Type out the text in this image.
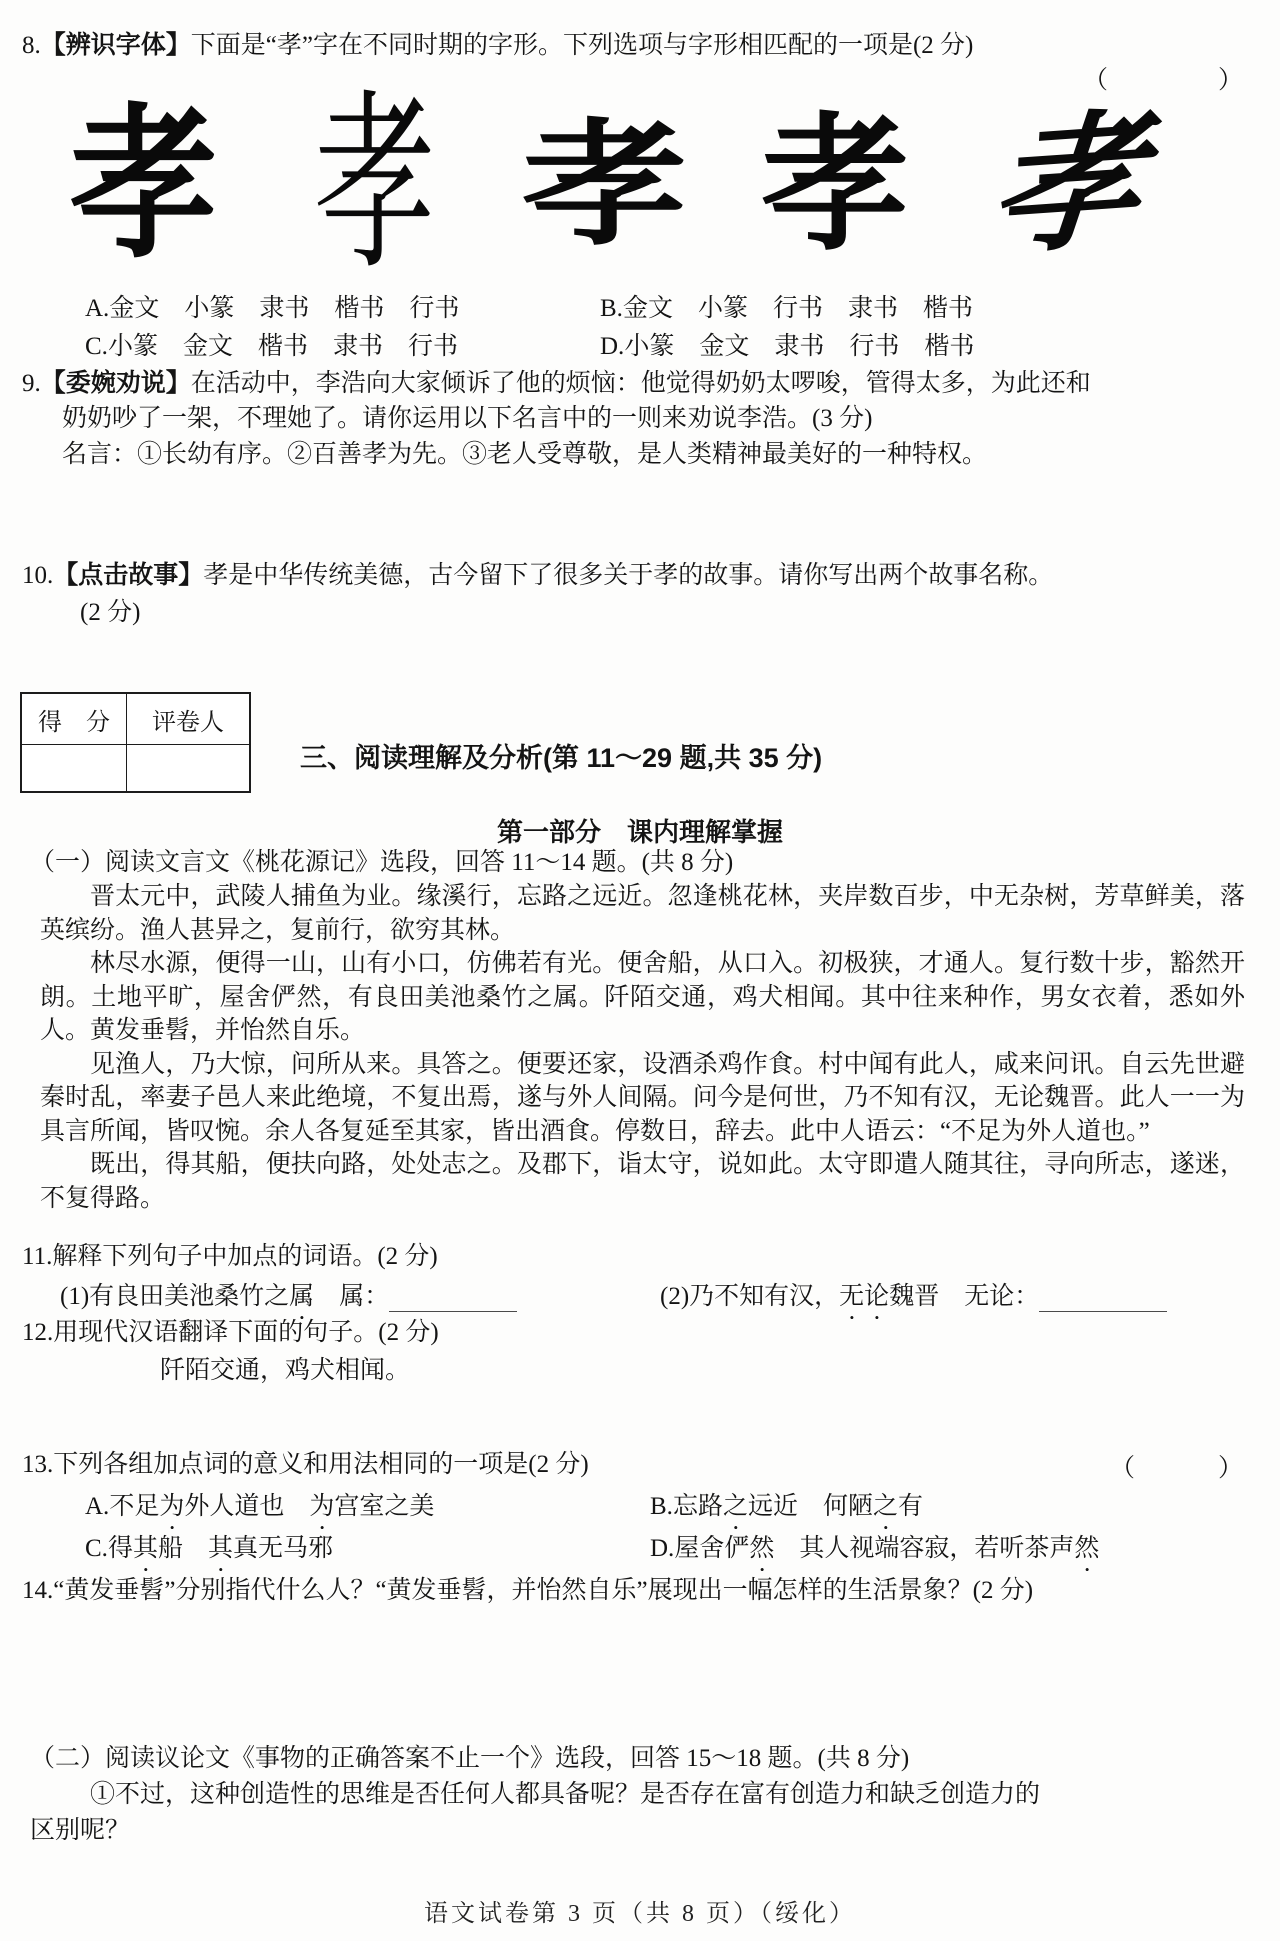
8.【辨识字体】下面是“孝”字在不同时期的字形。下列选项与字形相匹配的一项是(2 分)
（　　　　）
孝 孝 孝 孝 孝
A.金文　小篆　隶书　楷书　行书	B.金文　小篆　行书　隶书　楷书
C.小篆　金文　楷书　隶书　行书	D.小篆　金文　隶书　行书　楷书
9.【委婉劝说】在活动中，李浩向大家倾诉了他的烦恼：他觉得奶奶太啰唆，管得太多，为此还和
奶奶吵了一架，不理她了。请你运用以下名言中的一则来劝说李浩。(3 分)
名言：①长幼有序。②百善孝为先。③老人受尊敬，是人类精神最美好的一种特权。
10.【点击故事】孝是中华传统美德，古今留下了很多关于孝的故事。请你写出两个故事名称。
(2 分)
得　分	评卷人

三、阅读理解及分析(第 11～29 题,共 35 分)
第一部分　课内理解掌握
（一）阅读文言文《桃花源记》选段，回答 11～14 题。(共 8 分)

晋太元中，武陵人捕鱼为业。缘溪行，忘路之远近。忽逢桃花林，夹岸数百步，中无杂树，芳草鲜美，落英缤纷。渔人甚异之，复前行，欲穷其林。

林尽水源，便得一山，山有小口，仿佛若有光。便舍船，从口入。初极狭，才通人。复行数十步，豁然开朗。土地平旷，屋舍俨然，有良田美池桑竹之属。阡陌交通，鸡犬相闻。其中往来种作，男女衣着，悉如外人。黄发垂髫，并怡然自乐。

见渔人，乃大惊，问所从来。具答之。便要还家，设酒杀鸡作食。村中闻有此人，咸来问讯。自云先世避秦时乱，率妻子邑人来此绝境，不复出焉，遂与外人间隔。问今是何世，乃不知有汉，无论魏晋。此人一一为具言所闻，皆叹惋。余人各复延至其家，皆出酒食。停数日，辞去。此中人语云：“不足为外人道也。”

既出，得其船，便扶向路，处处志之。及郡下，诣太守，说如此。太守即遣人随其往，寻向所志，遂迷，不复得路。

11.解释下列句子中加点的词语。(2 分)
(1)有良田美池桑竹之属　 属：	(2)乃不知有汉，无论魏晋　 无论：
12.用现代汉语翻译下面的句子。(2 分)
阡陌交通，鸡犬相闻。
13.下列各组加点词的意义和用法相同的一项是(2 分)	（　　　）
A.不足为外人道也　为宫室之美	B.忘路之远近　何陋之有
C.得其船　其真无马邪	D.屋舍俨然　其人视端容寂，若听茶声然
14.“黄发垂髫”分别指代什么人？“黄发垂髫，并怡然自乐”展现出一幅怎样的生活景象？(2 分)
（二）阅读议论文《事物的正确答案不止一个》选段，回答 15～18 题。(共 8 分)
①不过，这种创造性的思维是否任何人都具备呢？是否存在富有创造力和缺乏创造力的
区别呢？
语文试卷第 3 页（共 8 页）（绥化）
